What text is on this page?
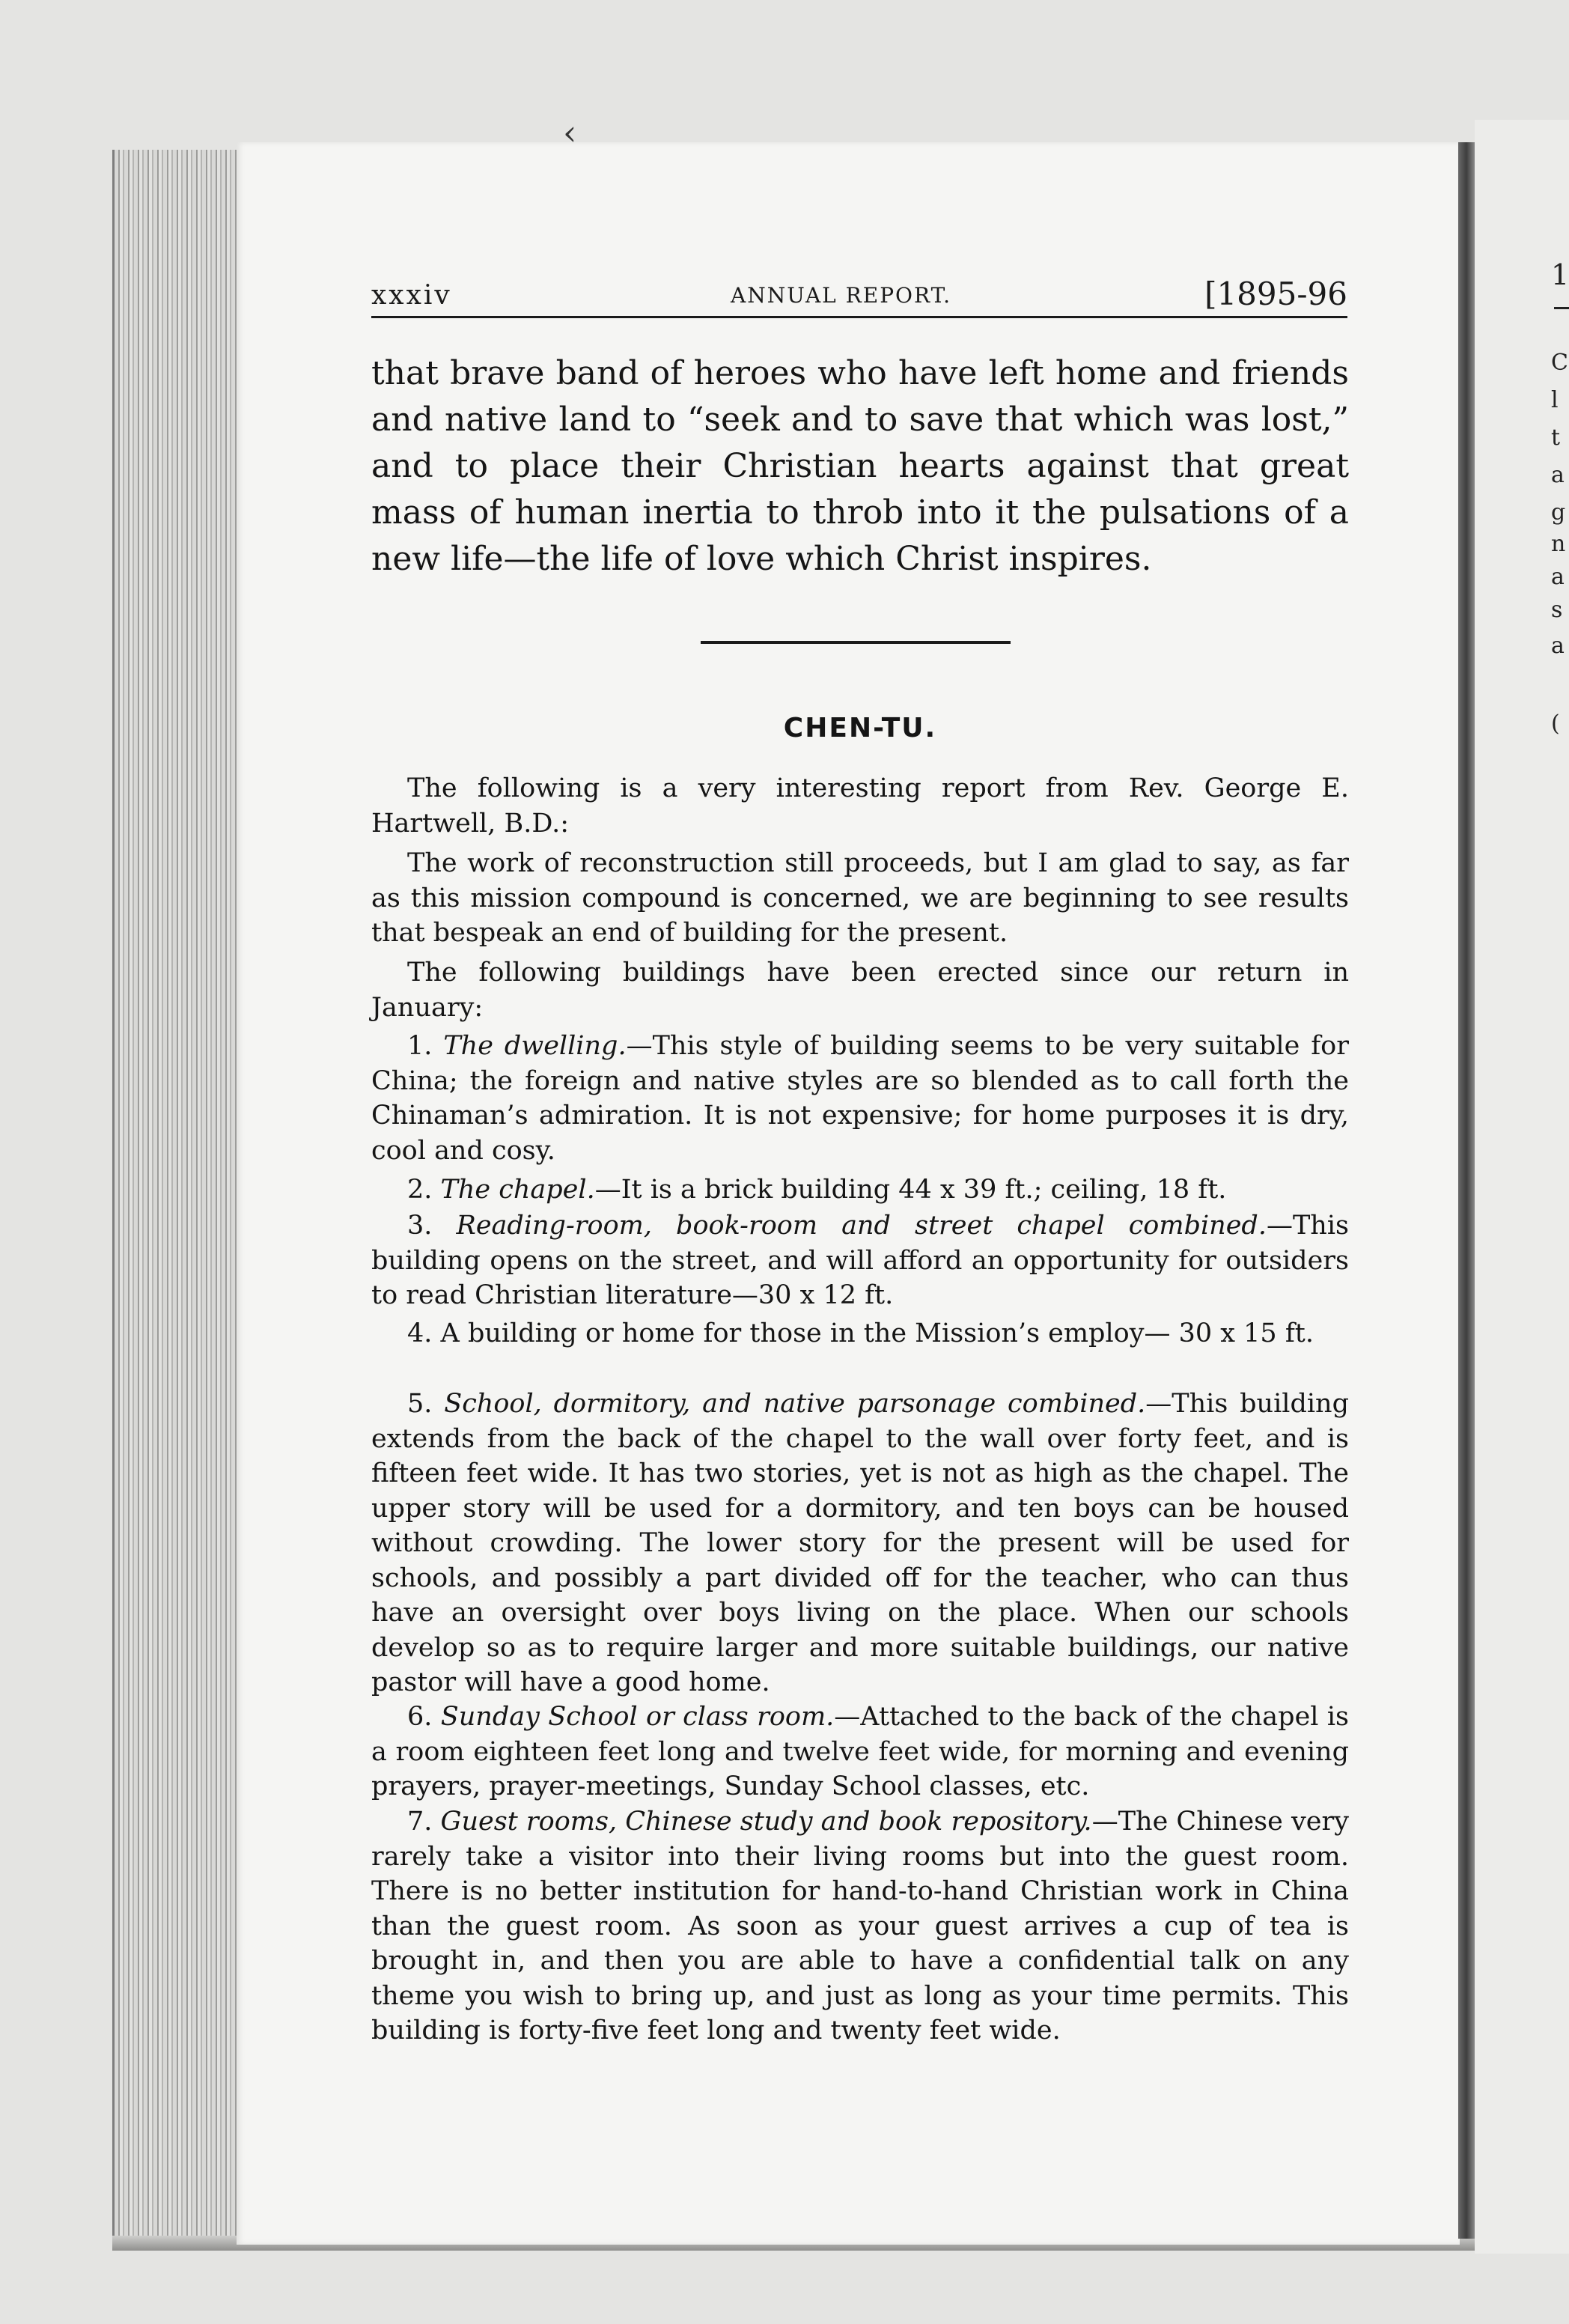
1
C
l
t
a
g
n
a
s
a
(
‹
xxxiv	ANNUAL REPORT.	[1895-96

that brave band of heroes who have left home and friends and native land to “seek and to save that which was lost,” and to place their Christian hearts against that great mass of human inertia to throb into it the pulsations of a new life—the life of love which Christ inspires.

CHEN-TU.

The following is a very interesting report from Rev. George E. Hartwell, B.D.:

The work of reconstruction still proceeds, but I am glad to say, as far as this mission compound is concerned, we are beginning to see results that bespeak an end of building for the present.

The following buildings have been erected since our return in January:

1. The dwelling.—This style of building seems to be very suitable for China; the foreign and native styles are so blended as to call forth the Chinaman’s admiration. It is not expensive; for home purposes it is dry, cool and cosy.

2. The chapel.—It is a brick building 44 x 39 ft.; ceiling, 18 ft.

3. Reading-room, book-room and street chapel combined.—This building opens on the street, and will afford an opportunity for outsiders to read Christian literature—30 x 12 ft.

4. A building or home for those in the Mission’s employ— 30 x 15 ft.

5. School, dormitory, and native parsonage combined.—This building extends from the back of the chapel to the wall over forty feet, and is fifteen feet wide. It has two stories, yet is not as high as the chapel. The upper story will be used for a dormitory, and ten boys can be housed without crowding. The lower story for the present will be used for schools, and possibly a part divided off for the teacher, who can thus have an oversight over boys living on the place. When our schools develop so as to require larger and more suitable buildings, our native pastor will have a good home.

6. Sunday School or class room.—Attached to the back of the chapel is a room eighteen feet long and twelve feet wide, for morning and evening prayers, prayer-meetings, Sunday School classes, etc.

7. Guest rooms, Chinese study and book repository.—The Chinese very rarely take a visitor into their living rooms but into the guest room. There is no better institution for hand-to-hand Christian work in China than the guest room. As soon as your guest arrives a cup of tea is brought in, and then you are able to have a confidential talk on any theme you wish to bring up, and just as long as your time permits. This building is forty-five feet long and twenty feet wide.
